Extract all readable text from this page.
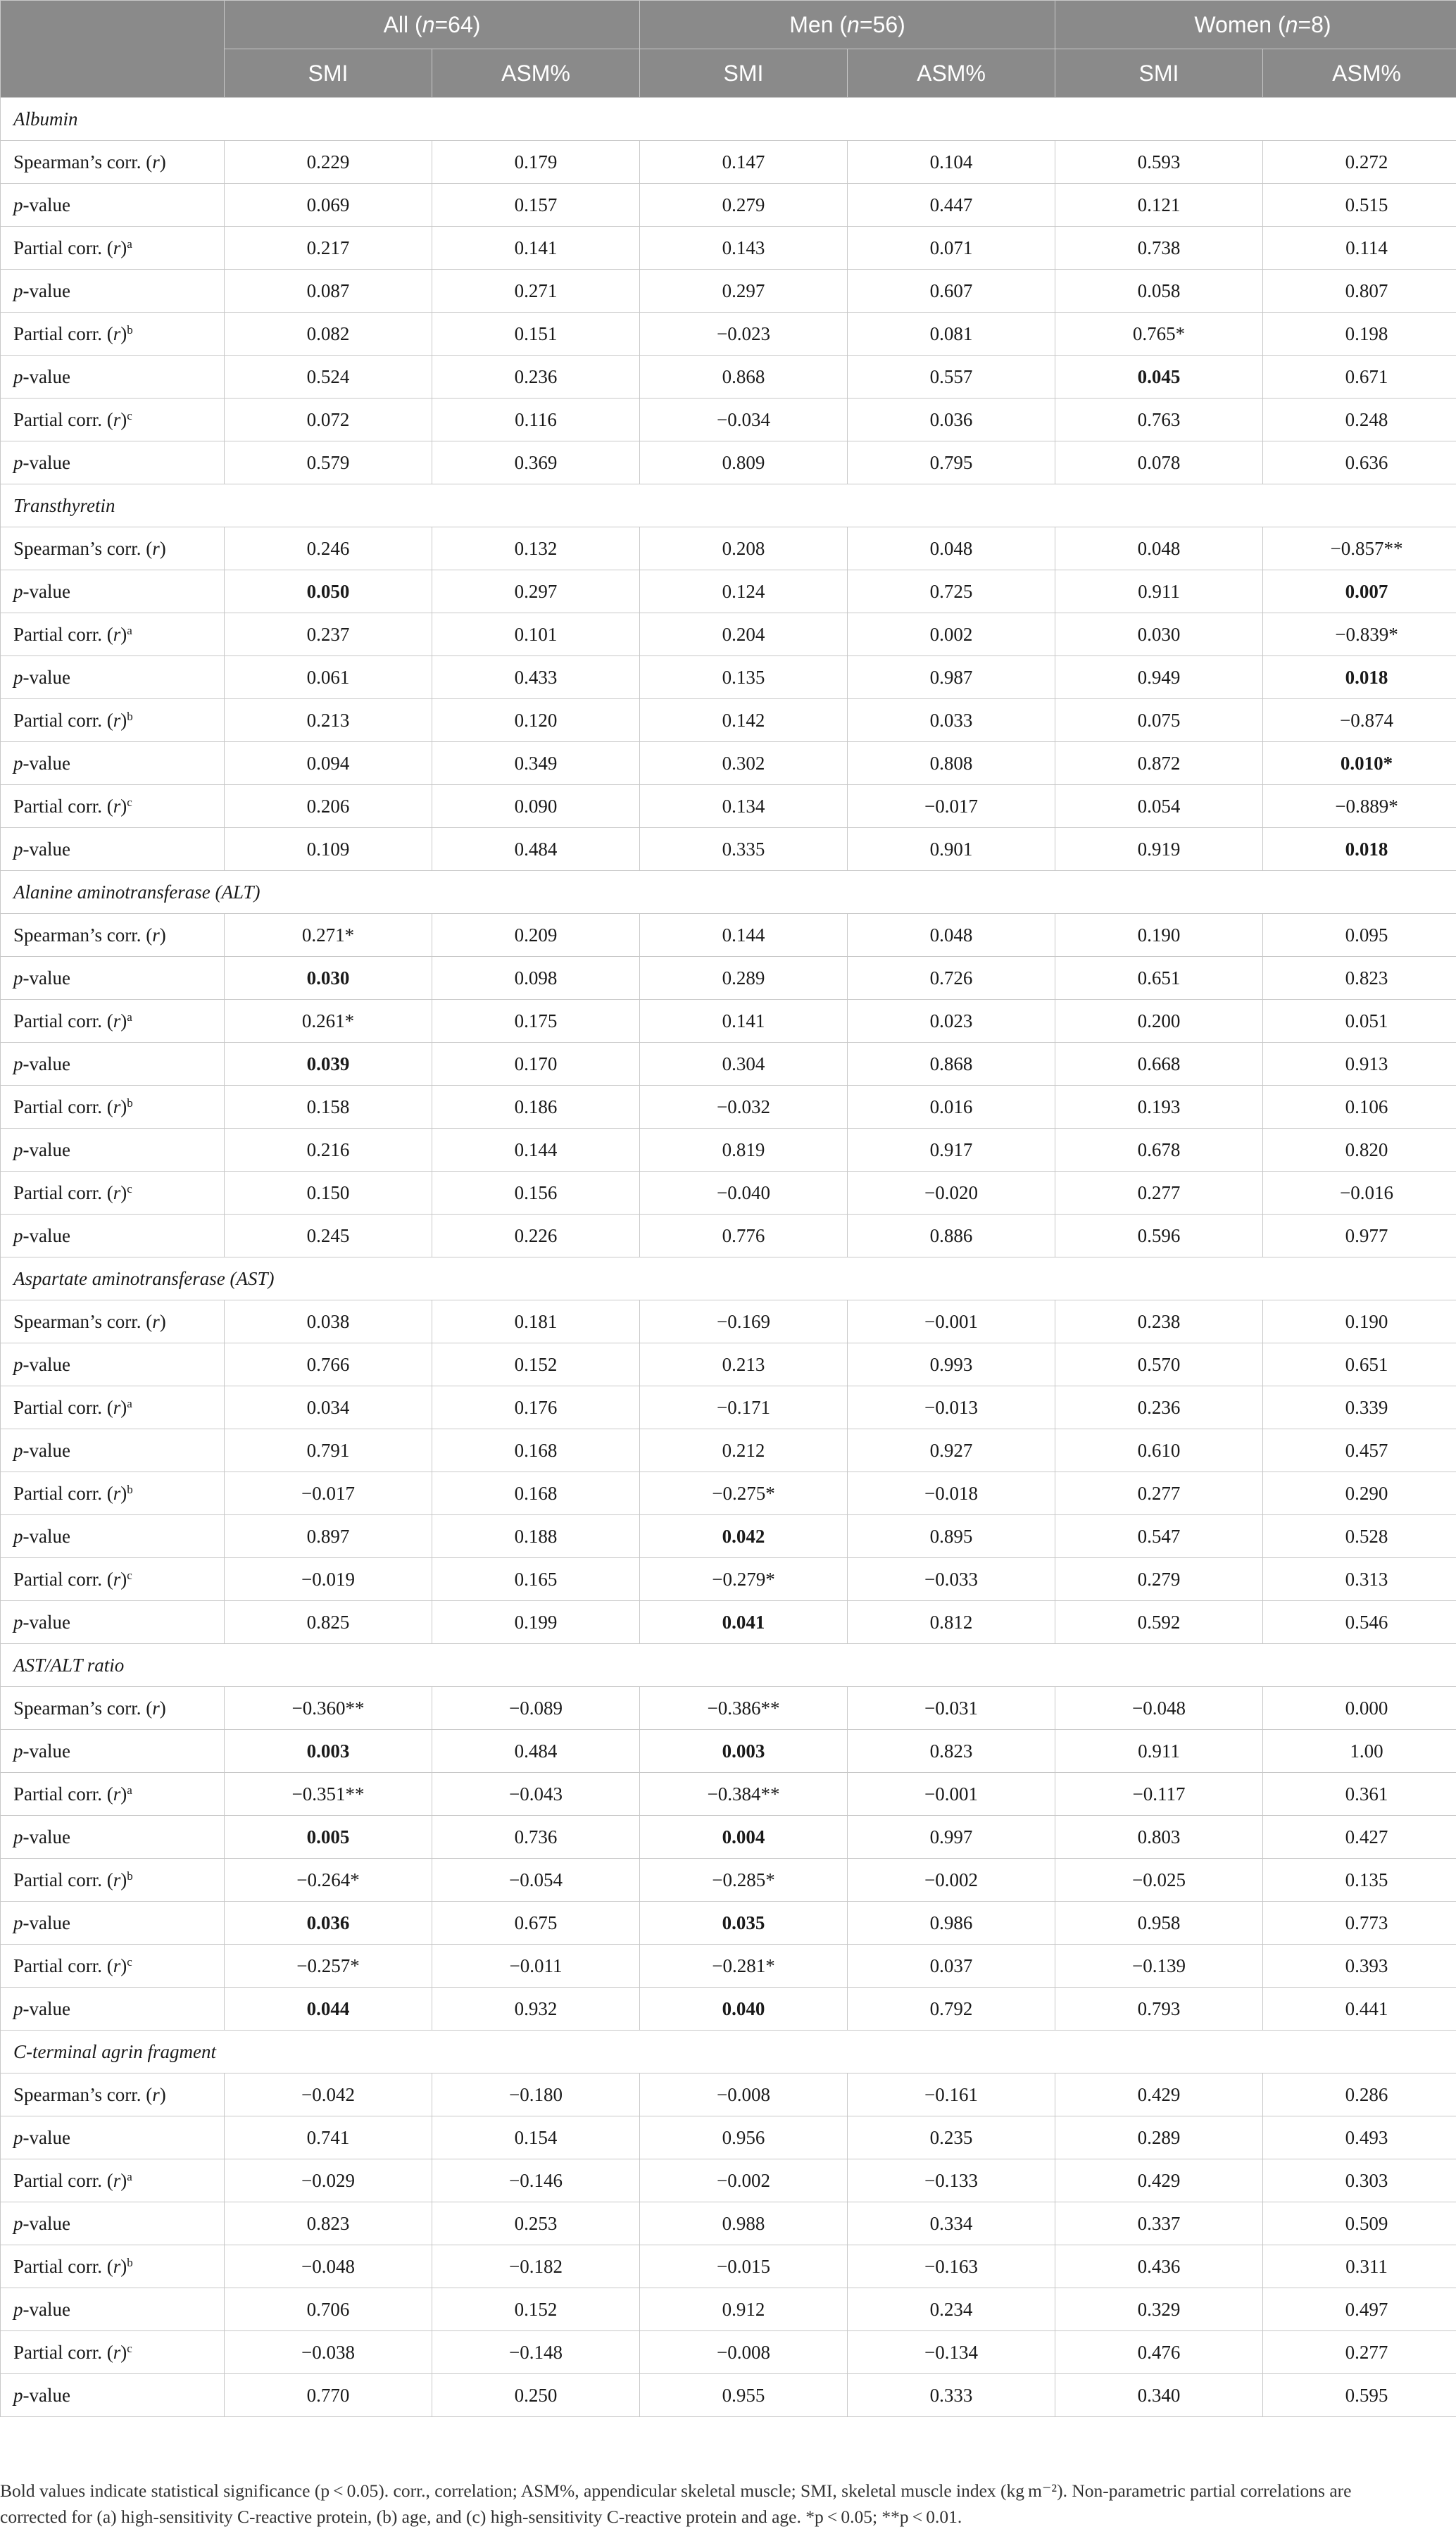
	All (n=64)		Men (n=56)		Women (n=8)	
	SMI	ASM%	SMI	ASM%	SMI	ASM%
Albumin						
Spearman’s corr. (r)	0.229	0.179	0.147	0.104	0.593	0.272
p-value	0.069	0.157	0.279	0.447	0.121	0.515
Partial corr. $(r)^a$	0.217	0.141	0.143	0.071	0.738	0.114
p-value	0.087	0.271	0.297	0.607	0.058	0.807
Partial corr. $(r)^b$	0.082	0.151	−0.023	0.081	0.765*	0.198
p-value	0.524	0.236	0.868	0.557	0.045	0.671
Partial corr. $(r)^c$	0.072	0.116	−0.034	0.036	0.763	0.248
p-value	0.579	0.369	0.809	0.795	0.078	0.636
Transthyretin						
Spearman’s corr. (r)	0.246	0.132	0.208	0.048	0.048	−0.857**
p-value	0.050	0.297	0.124	0.725	0.911	0.007
Partial corr. $(r)^a$	0.237	0.101	0.204	0.002	0.030	−0.839*
p-value	0.061	0.433	0.135	0.987	0.949	0.018
Partial corr. $(r)^b$	0.213	0.120	0.142	0.033	0.075	−0.874
p-value	0.094	0.349	0.302	0.808	0.872	0.010*
Partial corr. $(r)^c$	0.206	0.090	0.134	−0.017	0.054	−0.889*
p-value	0.109	0.484	0.335	0.901	0.919	0.018
Alanine aminotransferase (ALT)						
Spearman’s corr. (r)	0.271*	0.209	0.144	0.048	0.190	0.095
p-value	0.030	0.098	0.289	0.726	0.651	0.823
Partial corr. $(r)^a$	0.261*	0.175	0.141	0.023	0.200	0.051
p-value	0.039	0.170	0.304	0.868	0.668	0.913
Partial corr. $(r)^b$	0.158	0.186	−0.032	0.016	0.193	0.106
p-value	0.216	0.144	0.819	0.917	0.678	0.820
Partial corr. $(r)^c$	0.150	0.156	−0.040	−0.020	0.277	−0.016
p-value	0.245	0.226	0.776	0.886	0.596	0.977
Aspartate aminotransferase (AST)						
Spearman’s corr. (r)	0.038	0.181	−0.169	−0.001	0.238	0.190
p-value	0.766	0.152	0.213	0.993	0.570	0.651
Partial corr. $(r)^a$	0.034	0.176	−0.171	−0.013	0.236	0.339
p-value	0.791	0.168	0.212	0.927	0.610	0.457
Partial corr. $(r)^b$	−0.017	0.168	−0.275*	−0.018	0.277	0.290
p-value	0.897	0.188	0.042	0.895	0.547	0.528
Partial corr. $(r)^c$	−0.019	0.165	−0.279*	−0.033	0.279	0.313
p-value	0.825	0.199	0.041	0.812	0.592	0.546
AST/ALT ratio						
Spearman’s corr. (r)	−0.360**	−0.089	−0.386**	−0.031	−0.048	0.000
p-value	0.003	0.484	0.003	0.823	0.911	1.00
Partial corr. $(r)^a$	−0.351**	−0.043	−0.384**	−0.001	−0.117	0.361
p-value	0.005	0.736	0.004	0.997	0.803	0.427
Partial corr. $(r)^b$	−0.264*	−0.054	−0.285*	−0.002	−0.025	0.135
p-value	0.036	0.675	0.035	0.986	0.958	0.773
Partial corr. $(r)^c$	−0.257*	−0.011	−0.281*	0.037	−0.139	0.393
p-value	0.044	0.932	0.040	0.792	0.793	0.441
C-terminal agrin fragment						
Spearman’s corr. (r)	−0.042	−0.180	−0.008	−0.161	0.429	0.286
p-value	0.741	0.154	0.956	0.235	0.289	0.493
Partial corr. $(r)^a$	−0.029	−0.146	−0.002	−0.133	0.429	0.303
p-value	0.823	0.253	0.988	0.334	0.337	0.509
Partial corr. $(r)^b$	−0.048	−0.182	−0.015	−0.163	0.436	0.311
p-value	0.706	0.152	0.912	0.234	0.329	0.497
Partial corr. $(r)^c$	−0.038	−0.148	−0.008	−0.134	0.476	0.277
p-value	0.770	0.250	0.955	0.333	0.340	0.595
Bold values indicate statistical significance (p < 0.05). corr., correlation; ASM%, appendicular skeletal muscle; SMI, skeletal muscle index (kg m⁻²). Non-parametric partial correlations are
corrected for (a) high-sensitivity C-reactive protein, (b) age, and (c) high-sensitivity C-reactive protein and age. *p < 0.05; **p < 0.01.
